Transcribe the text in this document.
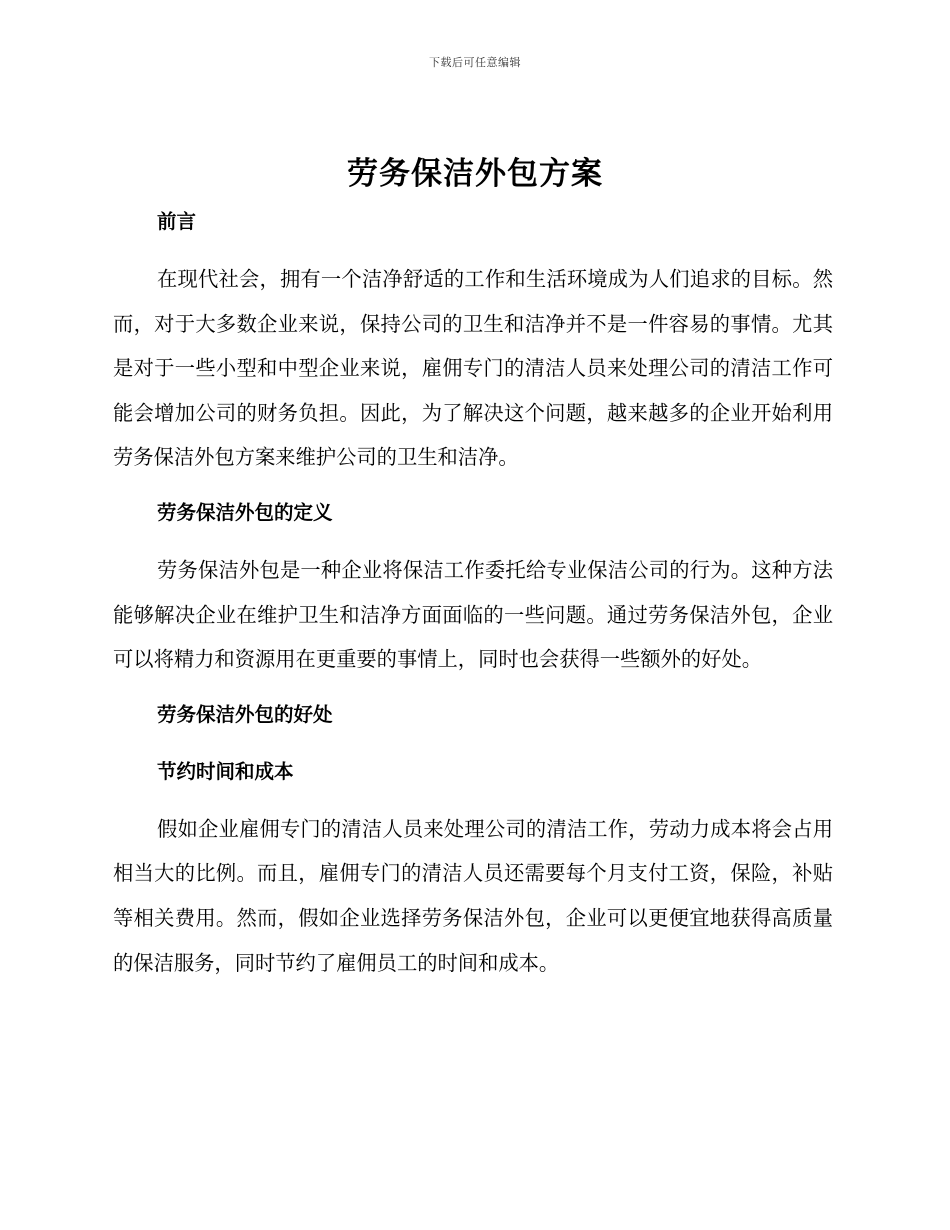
下载后可任意编辑
劳务保洁外包方案

前言

在现代社会，拥有一个洁净舒适的工作和生活环境成为人们追求的目标。然而，对于大多数企业来说，保持公司的卫生和洁净并不是一件容易的事情。尤其是对于一些小型和中型企业来说，雇佣专门的清洁人员来处理公司的清洁工作可能会增加公司的财务负担。因此，为了解决这个问题，越来越多的企业开始利用劳务保洁外包方案来维护公司的卫生和洁净。

劳务保洁外包的定义

劳务保洁外包是一种企业将保洁工作委托给专业保洁公司的行为。这种方法能够解决企业在维护卫生和洁净方面面临的一些问题。通过劳务保洁外包，企业可以将精力和资源用在更重要的事情上，同时也会获得一些额外的好处。

劳务保洁外包的好处

节约时间和成本

假如企业雇佣专门的清洁人员来处理公司的清洁工作，劳动力成本将会占用相当大的比例。而且，雇佣专门的清洁人员还需要每个月支付工资，保险，补贴等相关费用。然而，假如企业选择劳务保洁外包，企业可以更便宜地获得高质量的保洁服务，同时节约了雇佣员工的时间和成本。
